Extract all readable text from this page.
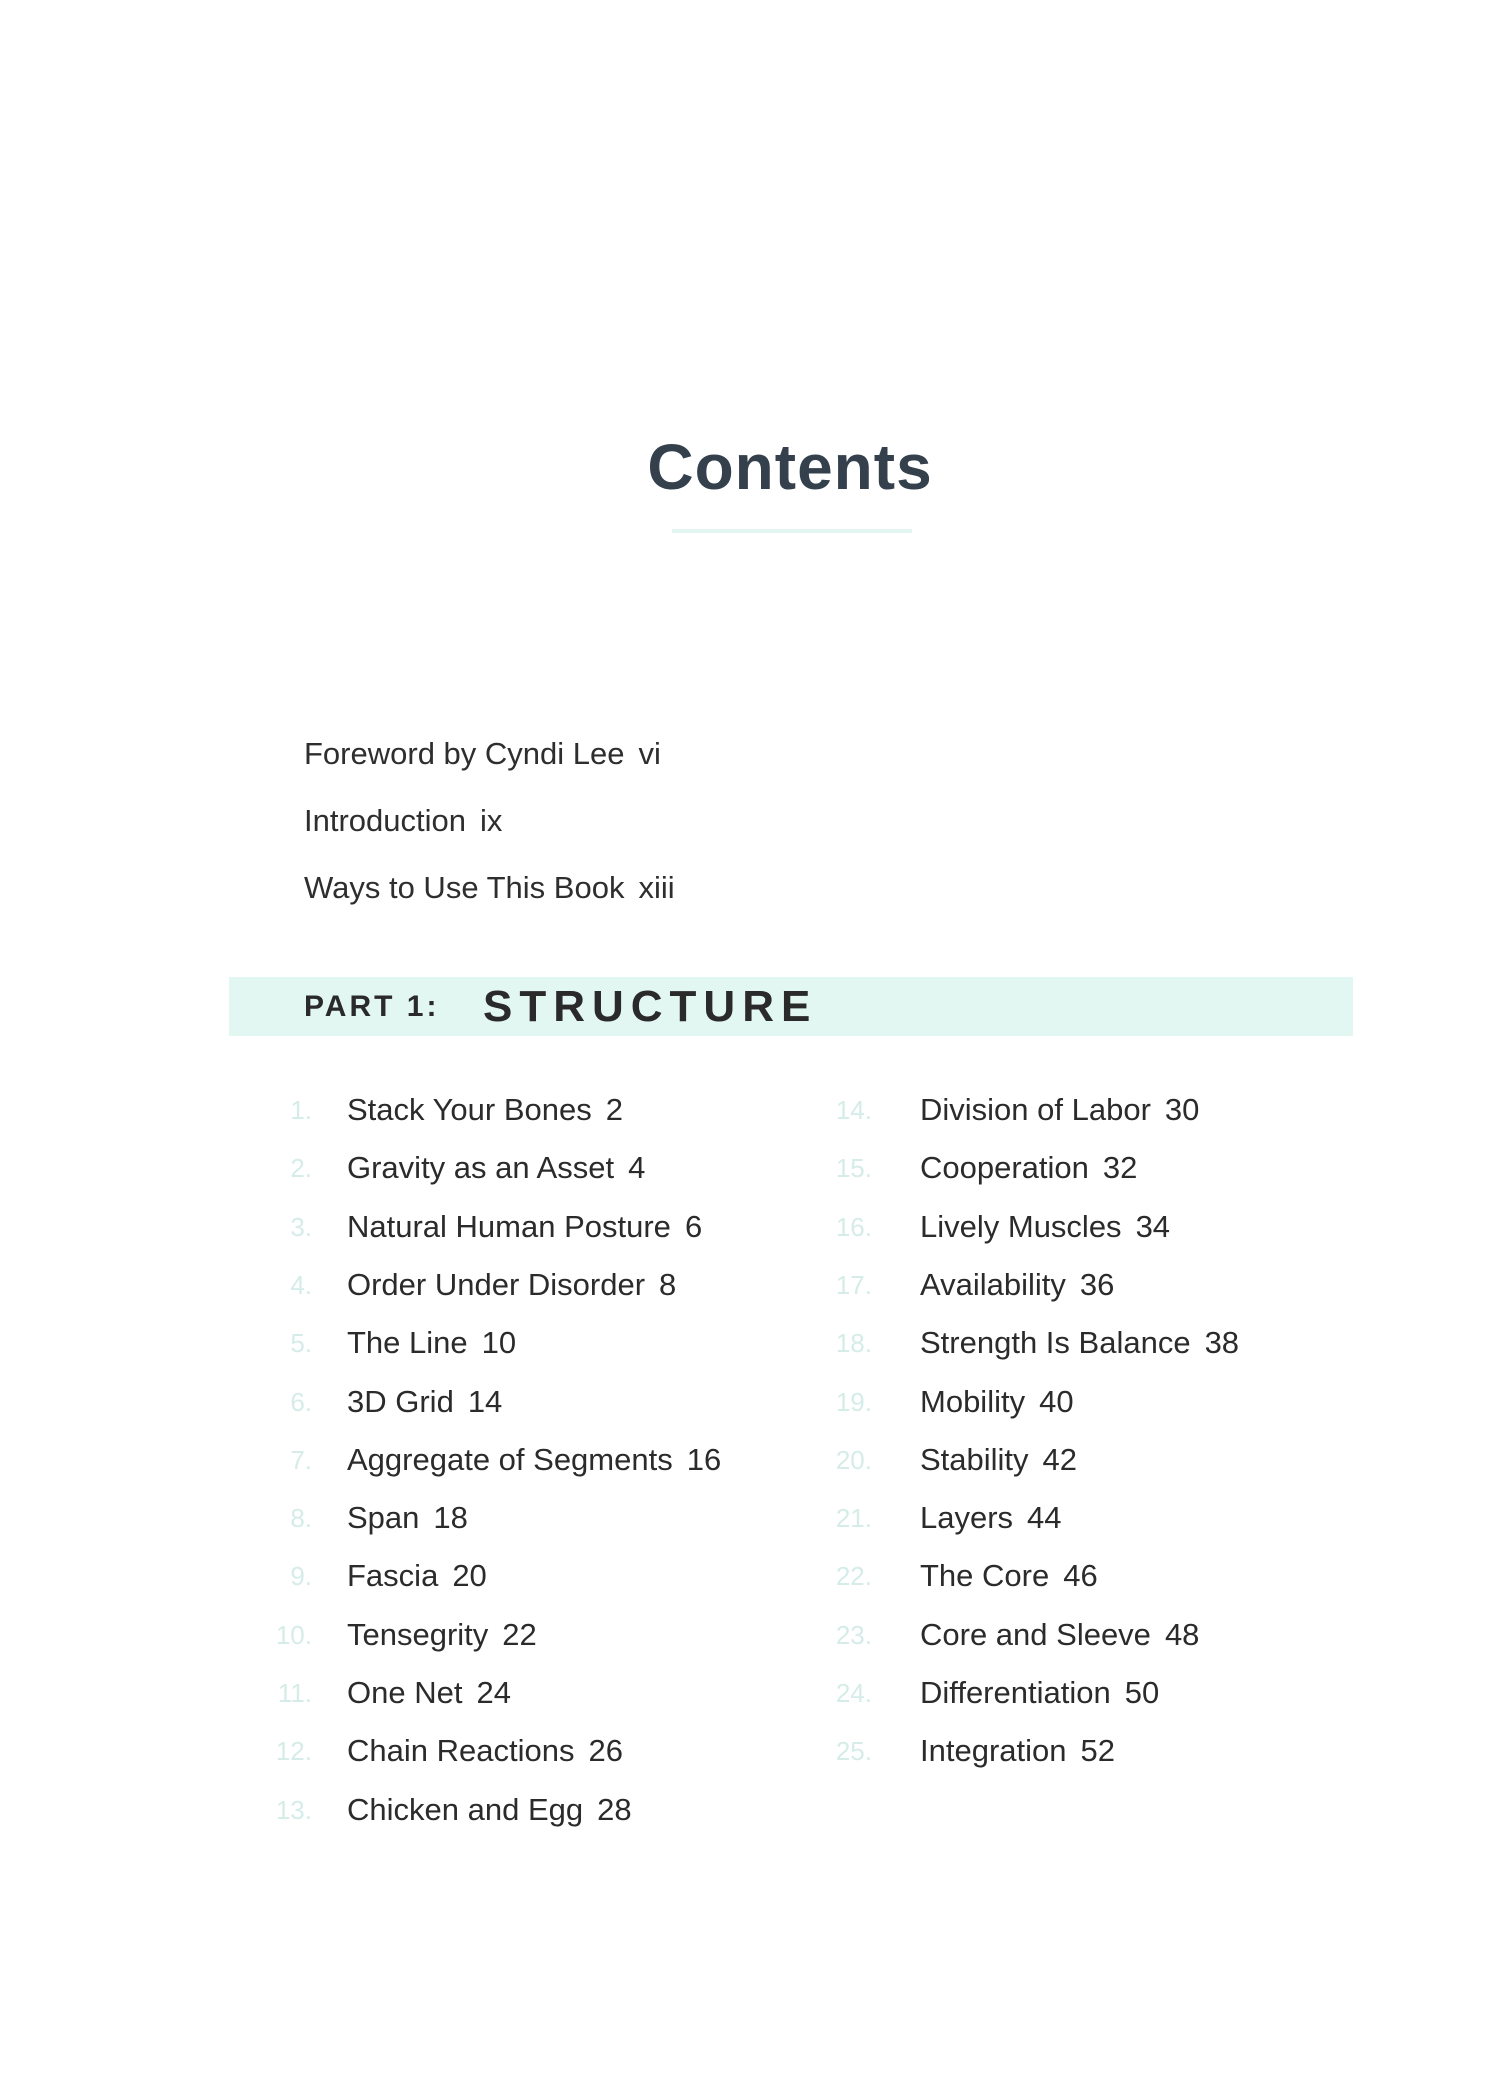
Contents
Foreword by Cyndi Lee vi
Introduction ix
Ways to Use This Book xiii
PART 1: STRUCTURE
1. Stack Your Bones 2
2. Gravity as an Asset 4
3. Natural Human Posture 6
4. Order Under Disorder 8
5. The Line 10
6. 3D Grid 14
7. Aggregate of Segments 16
8. Span 18
9. Fascia 20
10. Tensegrity 22
11. One Net 24
12. Chain Reactions 26
13. Chicken and Egg 28
14. Division of Labor 30
15. Cooperation 32
16. Lively Muscles 34
17. Availability 36
18. Strength Is Balance 38
19. Mobility 40
20. Stability 42
21. Layers 44
22. The Core 46
23. Core and Sleeve 48
24. Differentiation 50
25. Integration 52
